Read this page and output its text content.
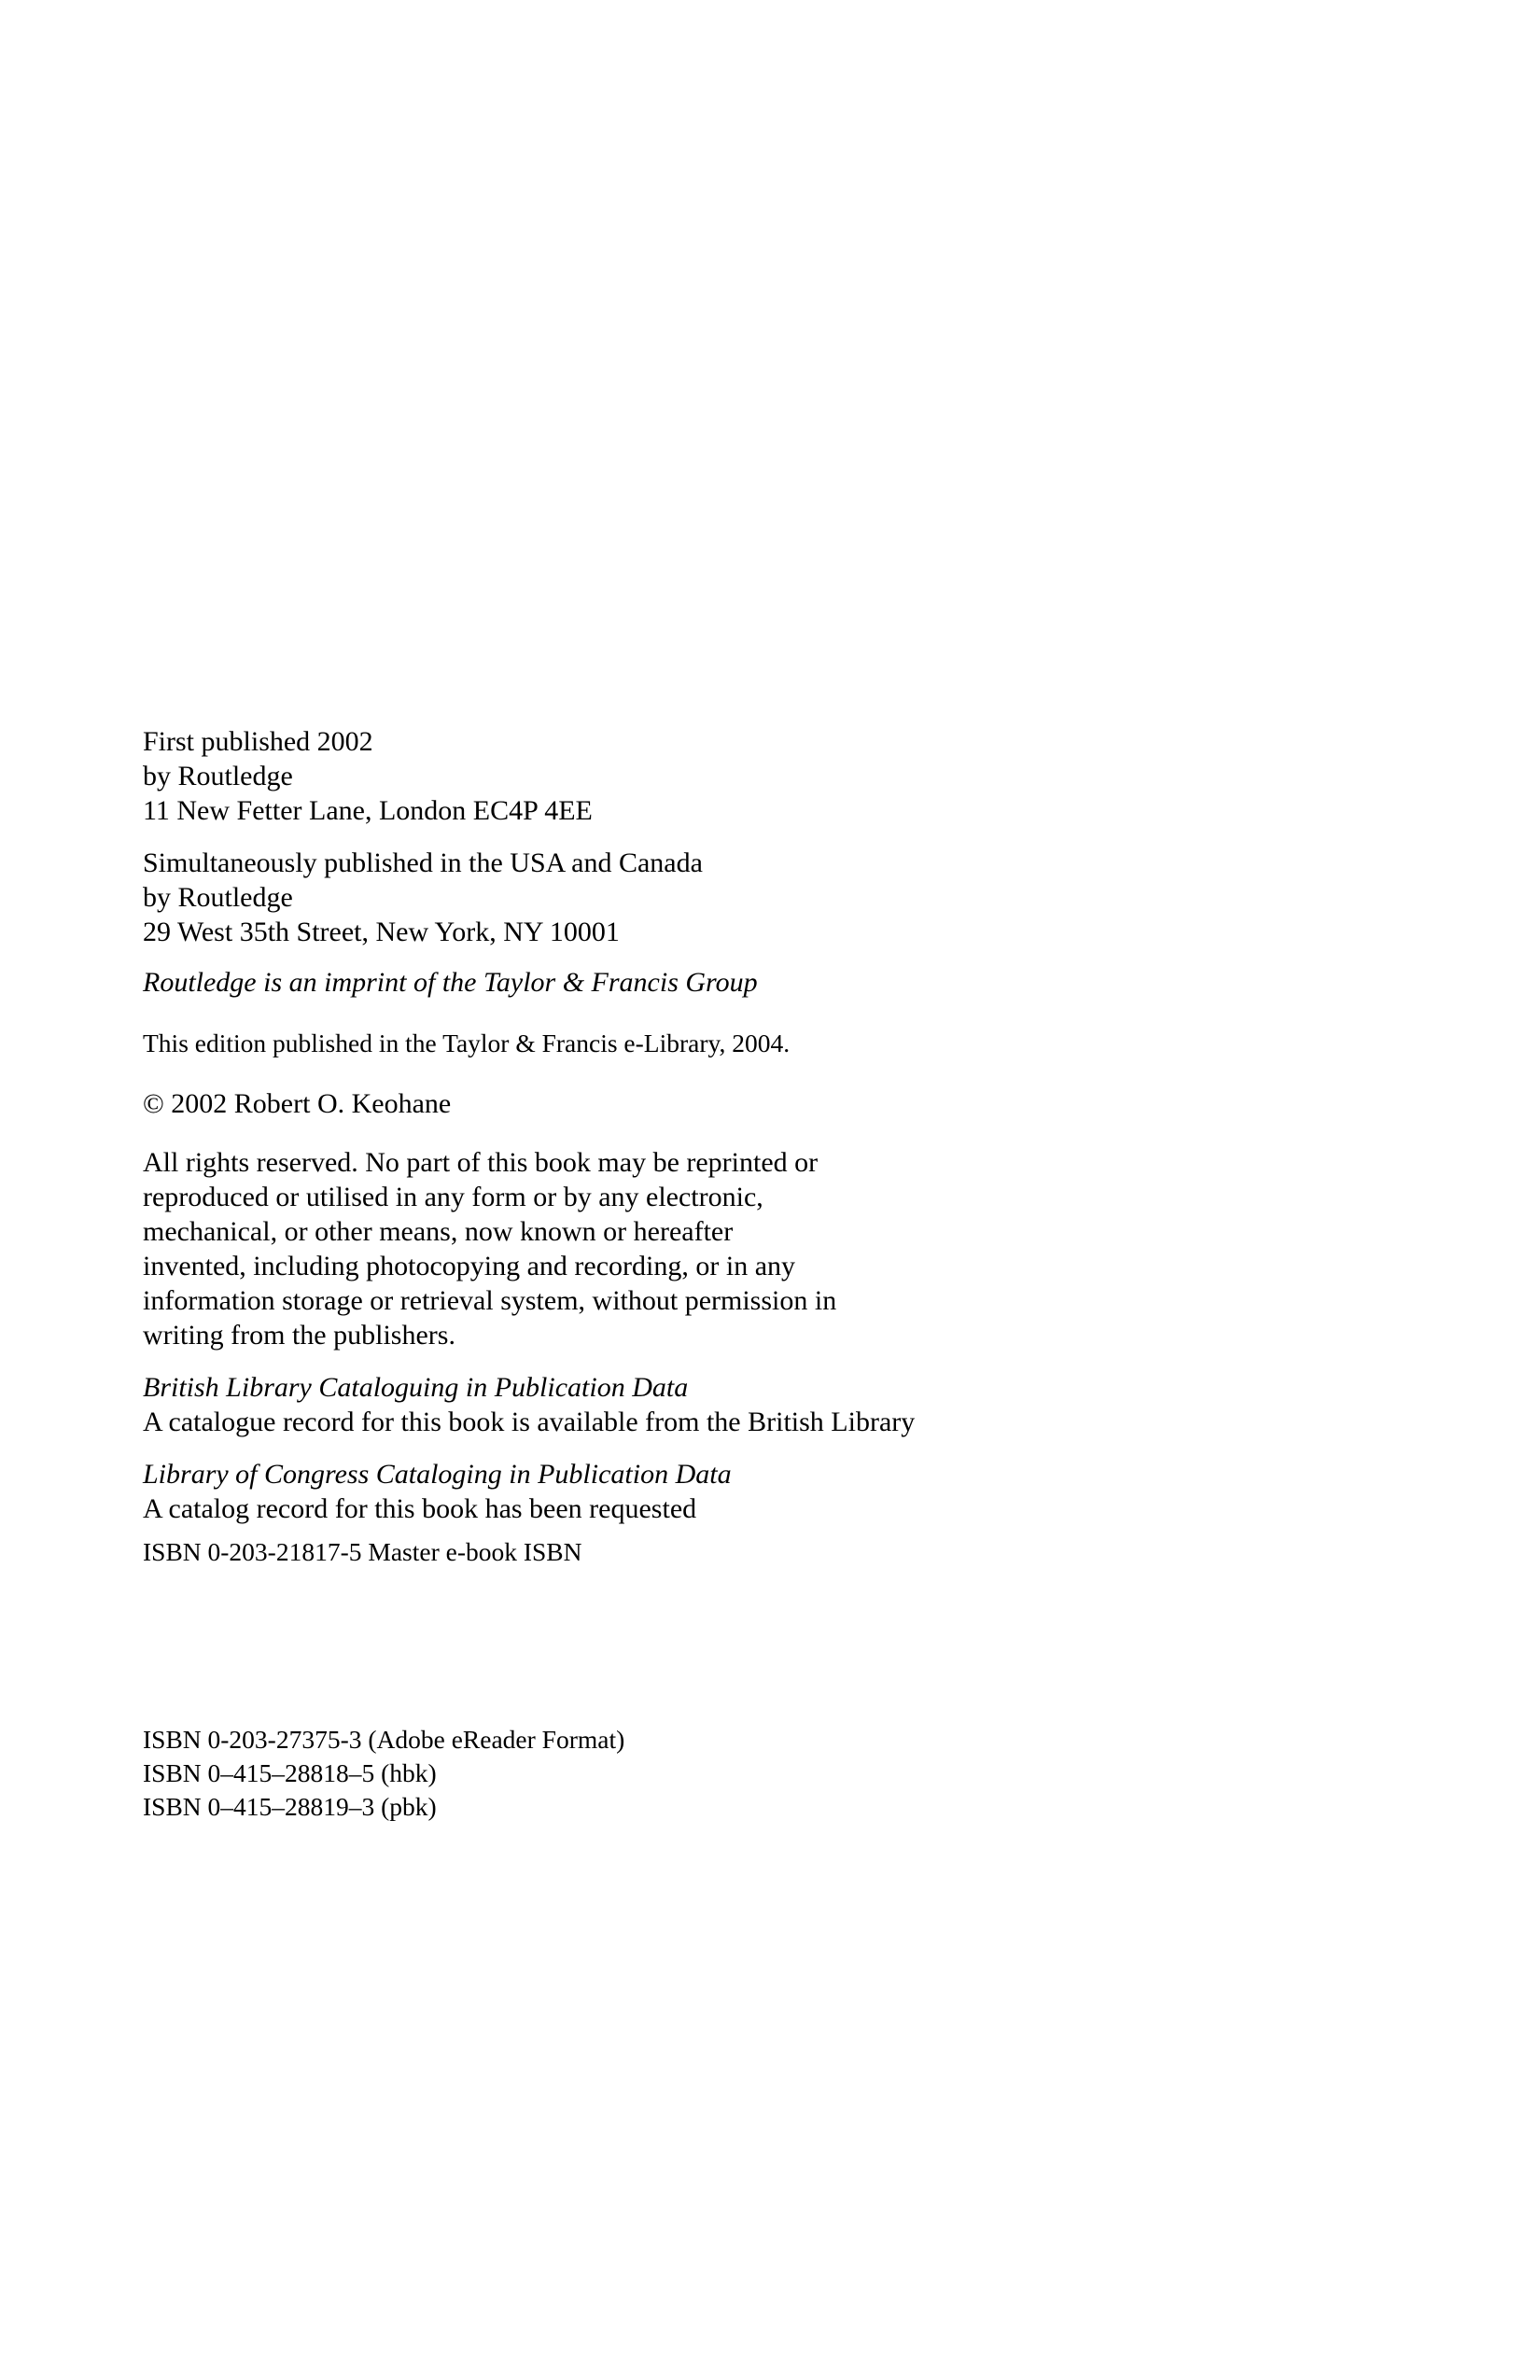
First published 2002
by Routledge
11 New Fetter Lane, London EC4P 4EE
Simultaneously published in the USA and Canada
by Routledge
29 West 35th Street, New York, NY 10001
Routledge is an imprint of the Taylor & Francis Group
This edition published in the Taylor & Francis e-Library, 2004.
© 2002 Robert O. Keohane
All rights reserved. No part of this book may be reprinted or
reproduced or utilised in any form or by any electronic,
mechanical, or other means, now known or hereafter
invented, including photocopying and recording, or in any
information storage or retrieval system, without permission in
writing from the publishers.
British Library Cataloguing in Publication Data
A catalogue record for this book is available from the British Library
Library of Congress Cataloging in Publication Data
A catalog record for this book has been requested
ISBN 0-203-21817-5 Master e-book ISBN
ISBN 0-203-27375-3 (Adobe eReader Format)
ISBN 0–415–28818–5 (hbk)
ISBN 0–415–28819–3 (pbk)
